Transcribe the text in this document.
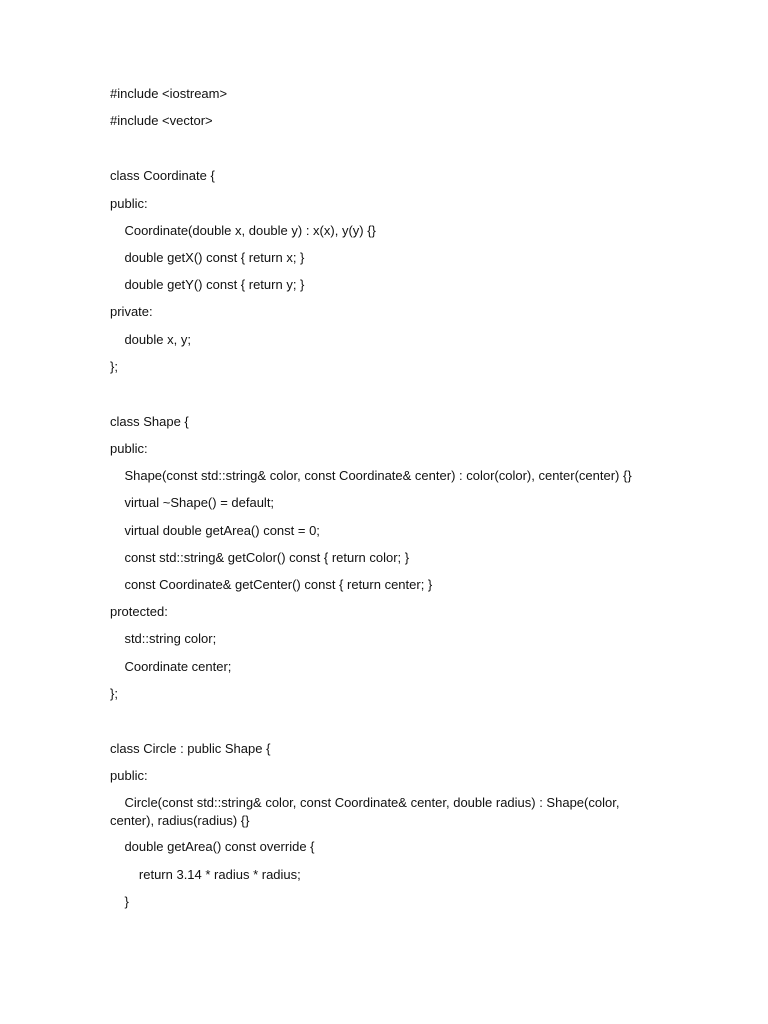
#include <iostream>
#include <vector>
class Coordinate {
public:
Coordinate(double x, double y) : x(x), y(y) {}
double getX() const { return x; }
double getY() const { return y; }
private:
double x, y;
};
class Shape {
public:
Shape(const std::string& color, const Coordinate& center) : color(color), center(center) {}
virtual ~Shape() = default;
virtual double getArea() const = 0;
const std::string& getColor() const { return color; }
const Coordinate& getCenter() const { return center; }
protected:
std::string color;
Coordinate center;
};
class Circle : public Shape {
public:
Circle(const std::string& color, const Coordinate& center, double radius) : Shape(color, center), radius(radius) {}
double getArea() const override {
return 3.14 * radius * radius;
}
